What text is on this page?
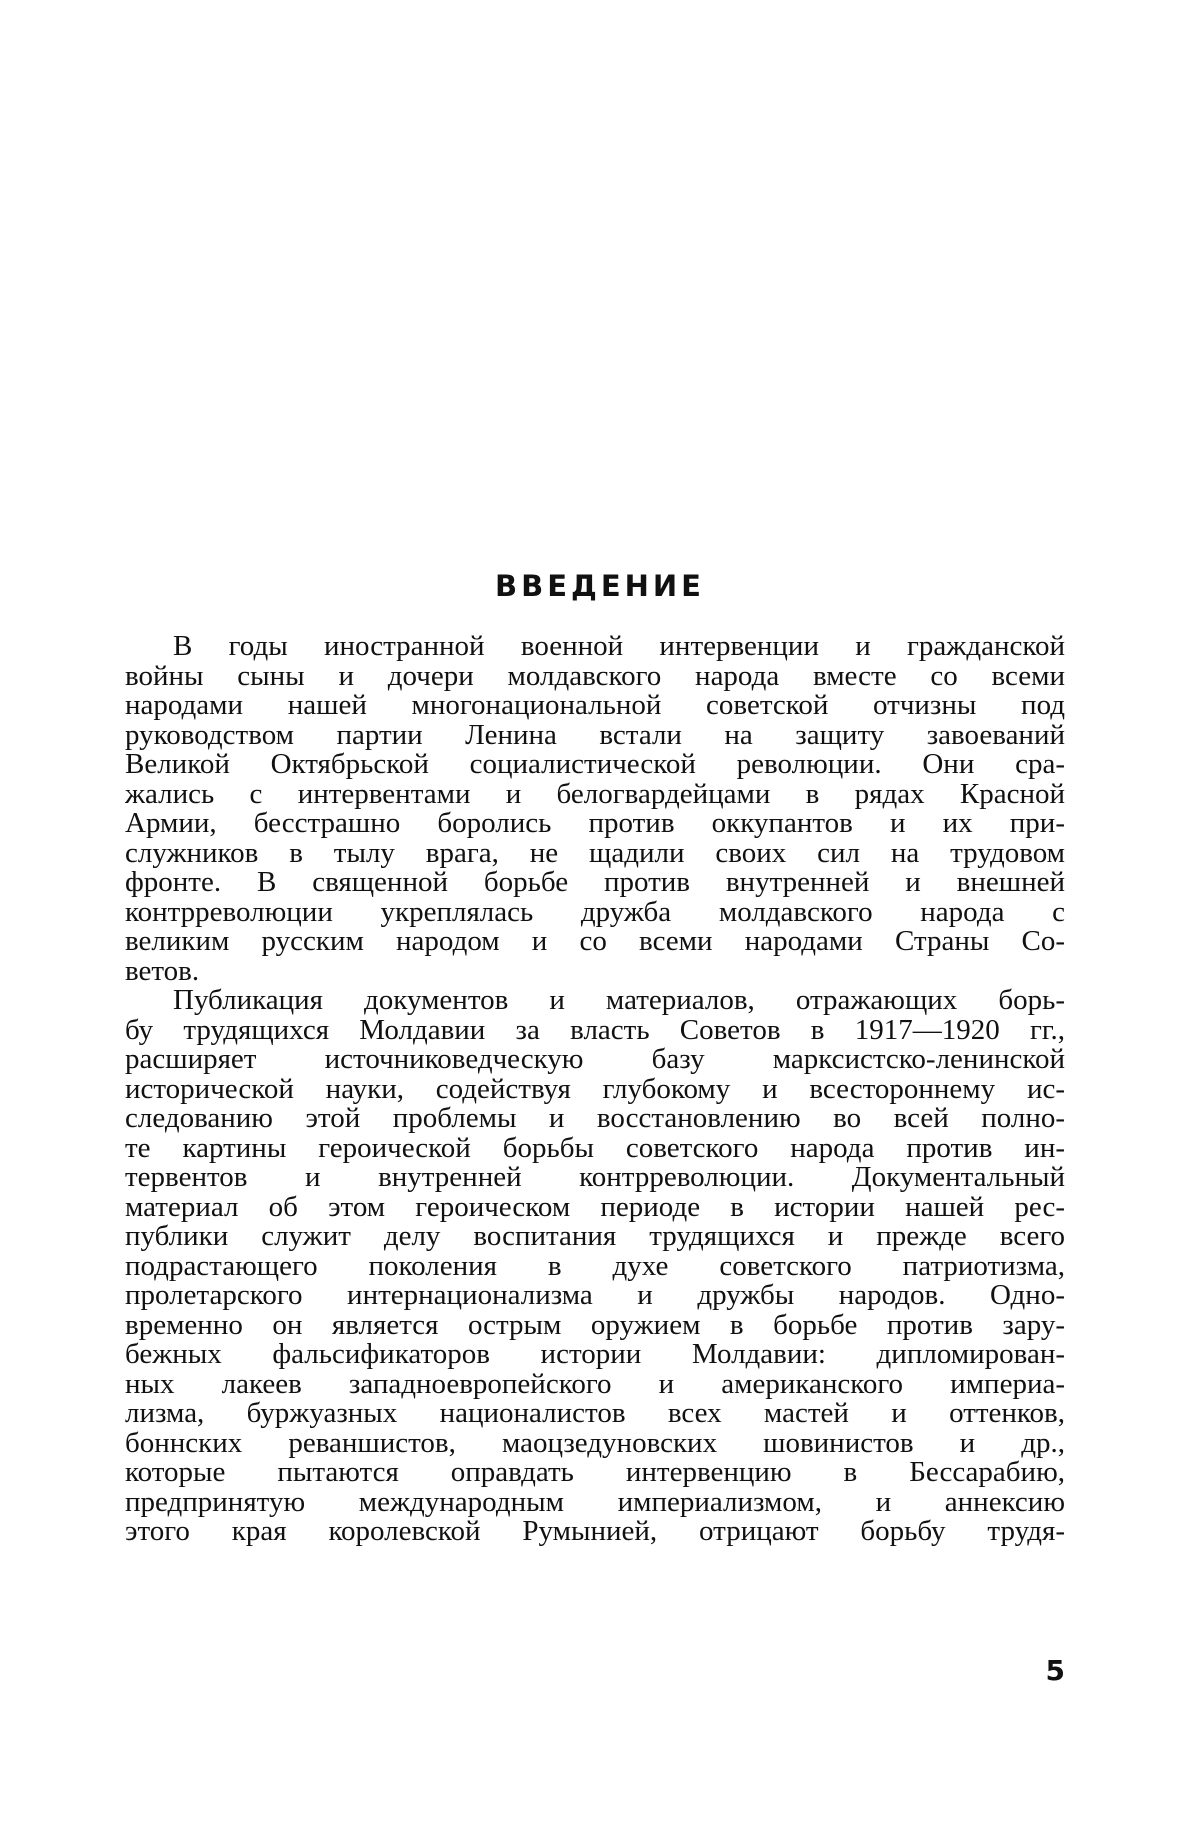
ВВЕДЕНИЕ
В годы иностранной военной интервенции и гражданской
войны сыны и дочери молдавского народа вместе со всеми
народами нашей многонациональной советской отчизны под
руководством партии Ленина встали на защиту завоеваний
Великой Октябрьской социалистической революции. Они сра-
жались с интервентами и белогвардейцами в рядах Красной
Армии, бесстрашно боролись против оккупантов и их при-
служников в тылу врага, не щадили своих сил на трудовом
фронте. В священной борьбе против внутренней и внешней
контрреволюции укреплялась дружба молдавского народа с
великим русским народом и со всеми народами Страны Со-
ветов.
Публикация документов и материалов, отражающих борь-
бу трудящихся Молдавии за власть Советов в 1917—1920 гг.,
расширяет источниковедческую базу марксистско-ленинской
исторической науки, содействуя глубокому и всестороннему ис-
следованию этой проблемы и восстановлению во всей полно-
те картины героической борьбы советского народа против ин-
тервентов и внутренней контрреволюции. Документальный
материал об этом героическом периоде в истории нашей рес-
публики служит делу воспитания трудящихся и прежде всего
подрастающего поколения в духе советского патриотизма,
пролетарского интернационализма и дружбы народов. Одно-
временно он является острым оружием в борьбе против зару-
бежных фальсификаторов истории Молдавии: дипломирован-
ных лакеев западноевропейского и американского империа-
лизма, буржуазных националистов всех мастей и оттенков,
боннских реваншистов, маоцзедуновских шовинистов и др.,
которые пытаются оправдать интервенцию в Бессарабию,
предпринятую международным империализмом, и аннексию
этого края королевской Румынией, отрицают борьбу трудя-

5
